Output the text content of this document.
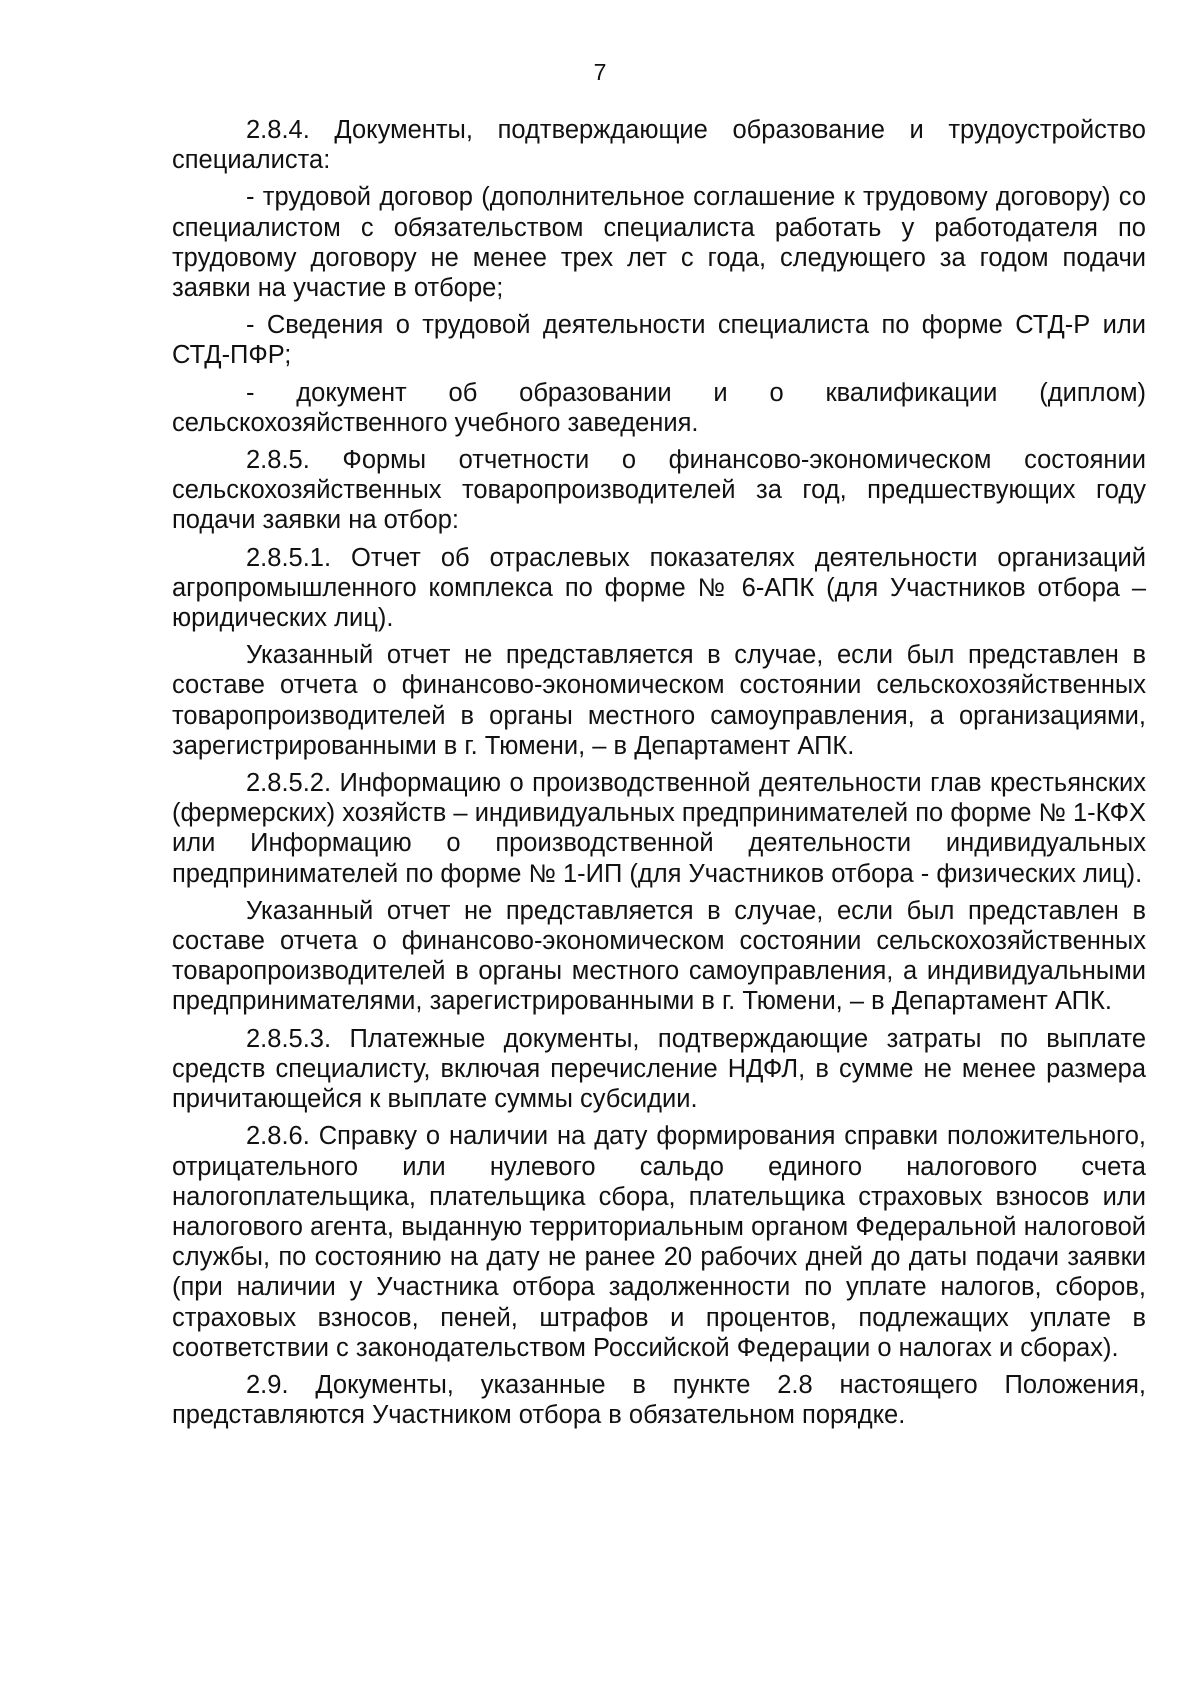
7

2.8.4. Документы, подтверждающие образование и трудоустройство специалиста:

- трудовой договор (дополнительное соглашение к трудовому договору) со специалистом с обязательством специалиста работать у работодателя по трудовому договору не менее трех лет с года, следующего за годом подачи заявки на участие в отборе;

- Сведения о трудовой деятельности специалиста по форме СТД-Р или СТД-ПФР;

- документ об образовании и о квалификации (диплом) сельскохозяйственного учебного заведения.

2.8.5. Формы отчетности о финансово-экономическом состоянии сельскохозяйственных товаропроизводителей за год, предшествующих году подачи заявки на отбор:

2.8.5.1. Отчет об отраслевых показателях деятельности организаций агропромышленного комплекса по форме № 6-АПК (для Участников отбора – юридических лиц).

Указанный отчет не представляется в случае, если был представлен в составе отчета о финансово-экономическом состоянии сельскохозяйственных товаропроизводителей в органы местного самоуправления, а организациями, зарегистрированными в г. Тюмени, – в Департамент АПК.

2.8.5.2. Информацию о производственной деятельности глав крестьянских (фермерских) хозяйств – индивидуальных предпринимателей по форме № 1-КФХ или Информацию о производственной деятельности индивидуальных предпринимателей по форме № 1-ИП (для Участников отбора - физических лиц).

Указанный отчет не представляется в случае, если был представлен в составе отчета о финансово-экономическом состоянии сельскохозяйственных товаропроизводителей в органы местного самоуправления, а индивидуальными предпринимателями, зарегистрированными в г. Тюмени, – в Департамент АПК.

2.8.5.3. Платежные документы, подтверждающие затраты по выплате средств специалисту, включая перечисление НДФЛ, в сумме не менее размера причитающейся к выплате суммы субсидии.

2.8.6. Справку о наличии на дату формирования справки положительного, отрицательного или нулевого сальдо единого налогового счета налогоплательщика, плательщика сбора, плательщика страховых взносов или налогового агента, выданную территориальным органом Федеральной налоговой службы, по состоянию на дату не ранее 20 рабочих дней до даты подачи заявки (при наличии у Участника отбора задолженности по уплате налогов, сборов, страховых взносов, пеней, штрафов и процентов, подлежащих уплате в соответствии с законодательством Российской Федерации о налогах и сборах).

2.9. Документы, указанные в пункте 2.8 настоящего Положения, представляются Участником отбора в обязательном порядке.
